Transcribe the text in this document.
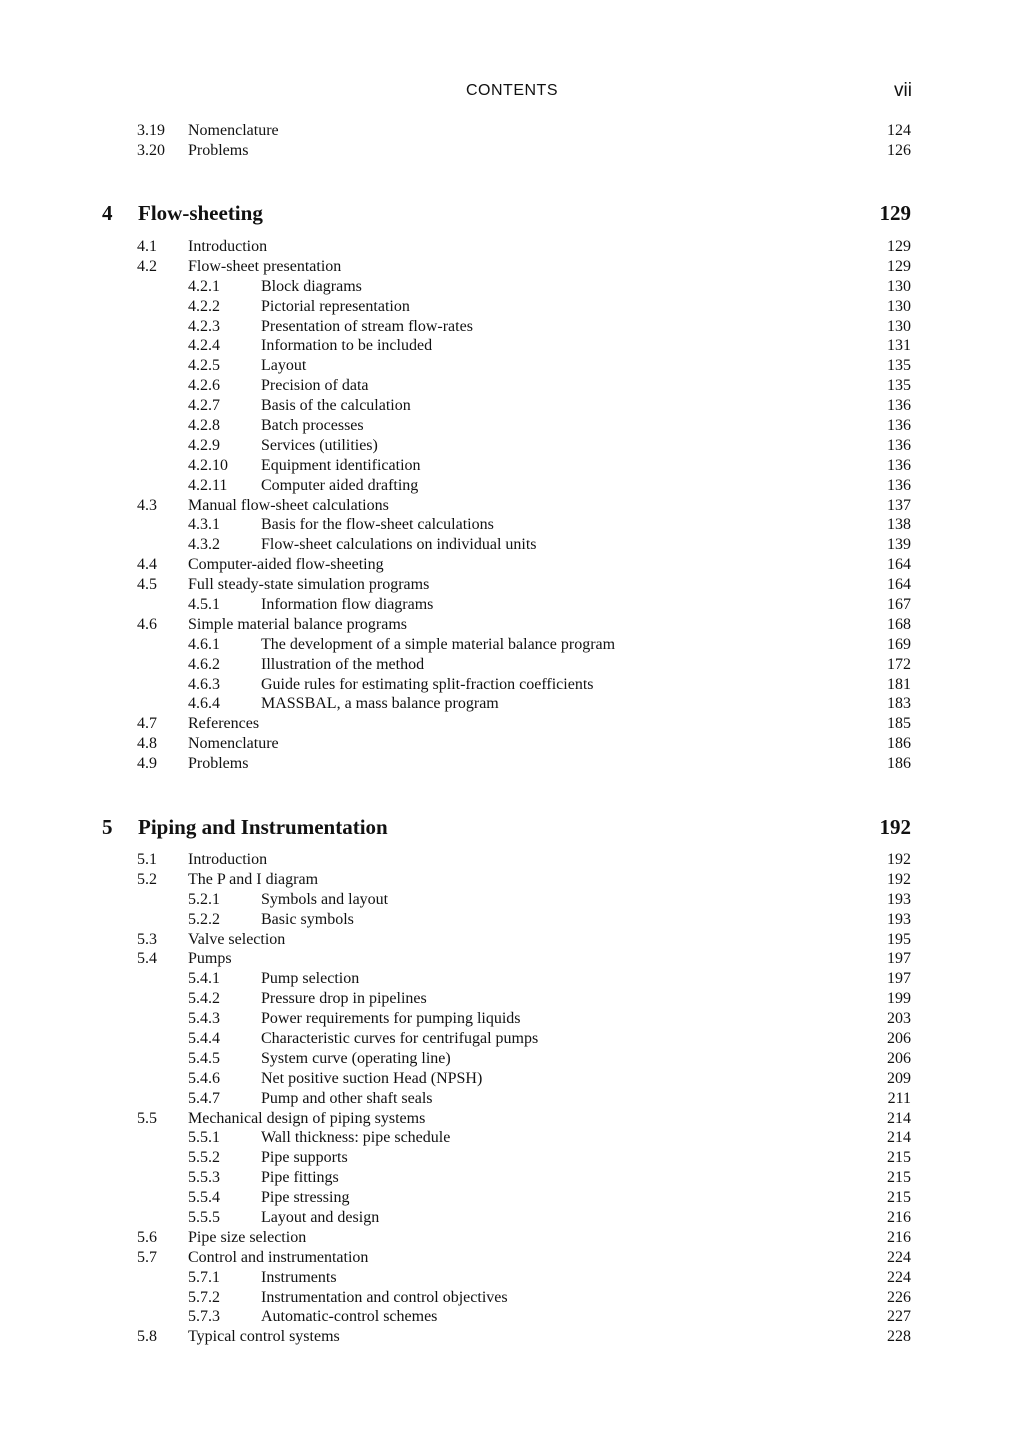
CONTENTS	vii
3.19 Nomenclature	124
3.20 Problems	126
4 Flow-sheeting	129
4.1 Introduction	129
4.2 Flow-sheet presentation	129
4.2.1	Block diagrams	130
4.2.2	Pictorial representation	130
4.2.3	Presentation of stream flow-rates	130
4.2.4	Information to be included	131
4.2.5	Layout	135
4.2.6	Precision of data	135
4.2.7	Basis of the calculation	136
4.2.8	Batch processes	136
4.2.9	Services (utilities)	136
4.2.10 Equipment identification	136
4.2.11 Computer aided drafting	136
4.3 Manual flow-sheet calculations	137
4.3.1	Basis for the flow-sheet calculations	138
4.3.2	Flow-sheet calculations on individual units	139
4.4 Computer-aided flow-sheeting	164
4.5 Full steady-state simulation programs	164
4.5.1	Information flow diagrams	167
4.6 Simple material balance programs	168
4.6.1	The development of a simple material balance program	169
4.6.2	Illustration of the method	172
4.6.3	Guide rules for estimating split-fraction coefficients	181
4.6.4	MASSBAL, a mass balance program	183
4.7 References	185
4.8 Nomenclature	186
4.9 Problems	186
5 Piping and Instrumentation	192
5.1 Introduction	192
5.2 The P and I diagram	192
5.2.1	Symbols and layout	193
5.2.2	Basic symbols	193
5.3 Valve selection	195
5.4 Pumps	197
5.4.1	Pump selection	197
5.4.2	Pressure drop in pipelines	199
5.4.3	Power requirements for pumping liquids	203
5.4.4	Characteristic curves for centrifugal pumps	206
5.4.5	System curve (operating line)	206
5.4.6	Net positive suction Head (NPSH)	209
5.4.7	Pump and other shaft seals	211
5.5 Mechanical design of piping systems	214
5.5.1	Wall thickness: pipe schedule	214
5.5.2	Pipe supports	215
5.5.3	Pipe fittings	215
5.5.4	Pipe stressing	215
5.5.5	Layout and design	216
5.6 Pipe size selection	216
5.7 Control and instrumentation	224
5.7.1	Instruments	224
5.7.2	Instrumentation and control objectives	226
5.7.3	Automatic-control schemes	227
5.8 Typical control systems	228
